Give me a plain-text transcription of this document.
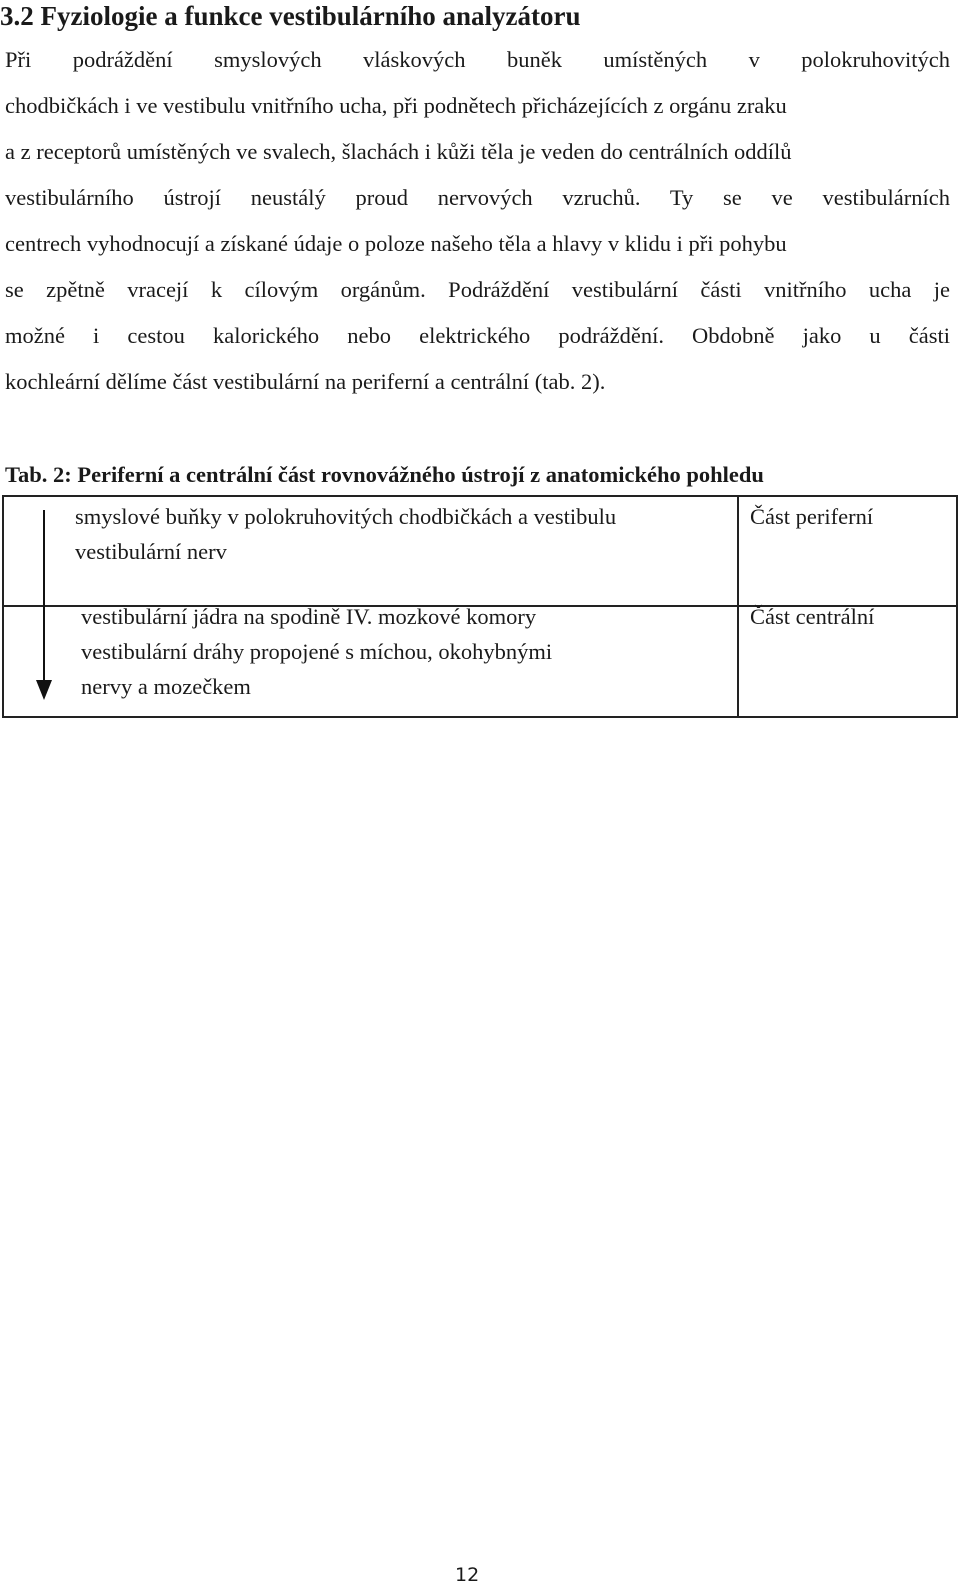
3.2 Fyziologie a funkce vestibulárního analyzátoru
Při podráždění smyslových vláskových buněk umístěných v polokruhovitých
chodbičkách i ve vestibulu vnitřního ucha, při podnětech přicházejících z orgánu zraku
a z receptorů umístěných ve svalech, šlachách i kůži těla je veden do centrálních oddílů
vestibulárního ústrojí neustálý proud nervových vzruchů. Ty se ve vestibulárních
centrech vyhodnocují a získané údaje o poloze našeho těla a hlavy v klidu i při pohybu
se zpětně vracejí k cílovým orgánům. Podráždění vestibulární části vnitřního ucha je
možné i cestou kalorického nebo elektrického podráždění. Obdobně jako u části
kochleární dělíme část vestibulární na periferní a centrální (tab. 2).

Tab. 2: Periferní a centrální část rovnovážného ústrojí z anatomického pohledu

smyslové buňky v polokruhovitých chodbičkách a vestibulu
vestibulární nerv
Část periferní
vestibulární jádra na spodině IV. mozkové komory
vestibulární dráhy propojené s míchou, okohybnými
nervy a mozečkem
Část centrální

12
